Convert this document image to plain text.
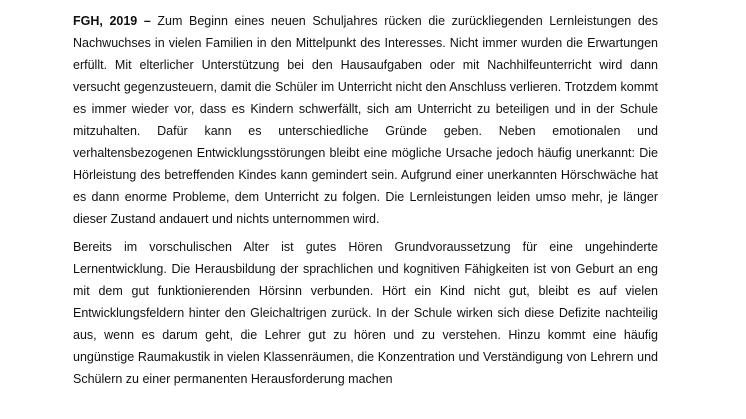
FGH, 2019 – Zum Beginn eines neuen Schuljahres rücken die zurückliegenden Lernleistungen des Nachwuchses in vielen Familien in den Mittelpunkt des Interesses. Nicht immer wurden die Erwartungen erfüllt. Mit elterlicher Unterstützung bei den Hausaufgaben oder mit Nachhilfeunterricht wird dann versucht gegenzusteuern, damit die Schüler im Unterricht nicht den Anschluss verlieren. Trotzdem kommt es immer wieder vor, dass es Kindern schwerfällt, sich am Unterricht zu beteiligen und in der Schule mitzuhalten. Dafür kann es unterschiedliche Gründe geben. Neben emotionalen und verhaltensbezogenen Entwicklungsstörungen bleibt eine mögliche Ursache jedoch häufig unerkannt: Die Hörleistung des betreffenden Kindes kann gemindert sein. Aufgrund einer unerkannten Hörschwäche hat es dann enorme Probleme, dem Unterricht zu folgen. Die Lernleistungen leiden umso mehr, je länger dieser Zustand andauert und nichts unternommen wird.

Bereits im vorschulischen Alter ist gutes Hören Grundvoraussetzung für eine ungehinderte Lernentwicklung. Die Herausbildung der sprachlichen und kognitiven Fähigkeiten ist von Geburt an eng mit dem gut funktionierenden Hörsinn verbunden. Hört ein Kind nicht gut, bleibt es auf vielen Entwicklungsfeldern hinter den Gleichaltrigen zurück. In der Schule wirken sich diese Defizite nachteilig aus, wenn es darum geht, die Lehrer gut zu hören und zu verstehen. Hinzu kommt eine häufig ungünstige Raumakustik in vielen Klassenräumen, die Konzentration und Verständigung von Lehrern und Schülern zu einer permanenten Herausforderung machen
